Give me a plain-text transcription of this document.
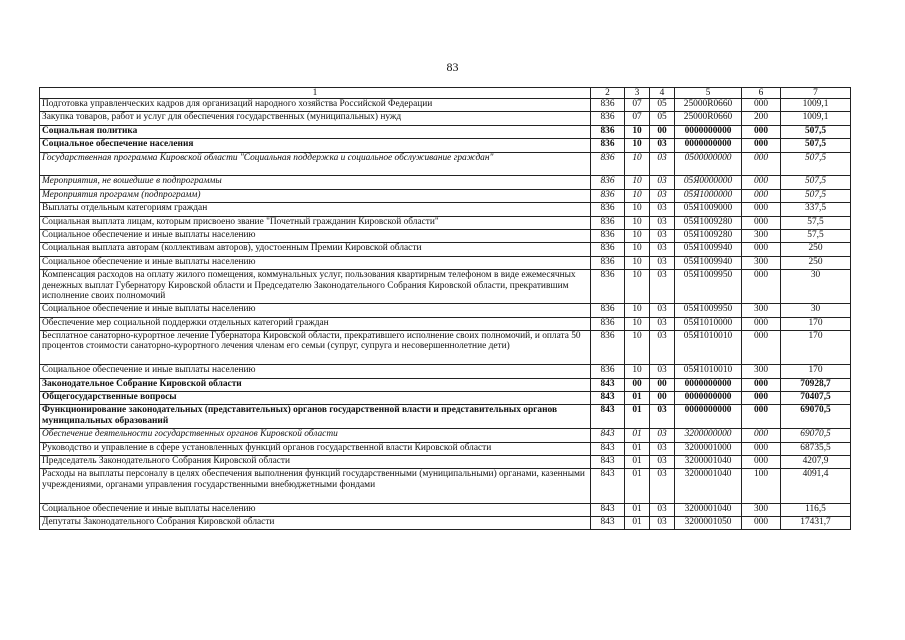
83
1	2	3	4	5	6	7
Подготовка управленческих кадров для организаций народного хозяйства Российской Федерации	836	07	05	25000R0660	000	1009,1
Закупка товаров, работ и услуг для обеспечения государственных (муниципальных) нужд	836	07	05	25000R0660	200	1009,1
Социальная политика	836	10	00	0000000000	000	507,5
Социальное обеспечение населения	836	10	03	0000000000	000	507,5
Государственная программа Кировской области "Социальная поддержка и социальное обслуживание граждан"	836	10	03	0500000000	000	507,5
Мероприятия, не вошедшие в подпрограммы	836	10	03	05Я0000000	000	507,5
Мероприятия программ (подпрограмм)	836	10	03	05Я1000000	000	507,5
Выплаты отдельным категориям граждан	836	10	03	05Я1009000	000	337,5
Социальная выплата лицам, которым присвоено звание "Почетный гражданин Кировской области"	836	10	03	05Я1009280	000	57,5
Социальное обеспечение и иные выплаты населению	836	10	03	05Я1009280	300	57,5
Социальная выплата авторам (коллективам авторов), удостоенным Премии Кировской области	836	10	03	05Я1009940	000	250
Социальное обеспечение и иные выплаты населению	836	10	03	05Я1009940	300	250
Компенсация расходов на оплату жилого помещения, коммунальных услуг, пользования квартирным телефоном в виде ежемесячных денежных выплат Губернатору Кировской области и Председателю Законодательного Собрания Кировской области, прекратившим исполнение своих полномочий	836	10	03	05Я1009950	000	30
Социальное обеспечение и иные выплаты населению	836	10	03	05Я1009950	300	30
Обеспечение мер социальной поддержки отдельных категорий граждан	836	10	03	05Я1010000	000	170
Бесплатное санаторно-курортное лечение Губернатора Кировской области, прекратившего исполнение своих полномочий, и оплата 50 процентов стоимости санаторно-курортного лечения членам его семьи (супруг, супруга и несовершеннолетние дети)	836	10	03	05Я1010010	000	170
Социальное обеспечение и иные выплаты населению	836	10	03	05Я1010010	300	170
Законодательное Собрание Кировской области	843	00	00	0000000000	000	70928,7
Общегосударственные вопросы	843	01	00	0000000000	000	70407,5
Функционирование законодательных (представительных) органов государственной власти и представительных органов муниципальных образований	843	01	03	0000000000	000	69070,5
Обеспечение деятельности государственных органов Кировской области	843	01	03	3200000000	000	69070,5
Руководство и управление в сфере установленных функций органов государственной власти Кировской области	843	01	03	3200001000	000	68735,5
Председатель Законодательного Собрания Кировской области	843	01	03	3200001040	000	4207,9
Расходы на выплаты персоналу в целях обеспечения выполнения функций государственными (муниципальными) органами, казенными учреждениями, органами управления государственными внебюджетными фондами	843	01	03	3200001040	100	4091,4
Социальное обеспечение и иные выплаты населению	843	01	03	3200001040	300	116,5
Депутаты Законодательного Собрания Кировской области	843	01	03	3200001050	000	17431,7
